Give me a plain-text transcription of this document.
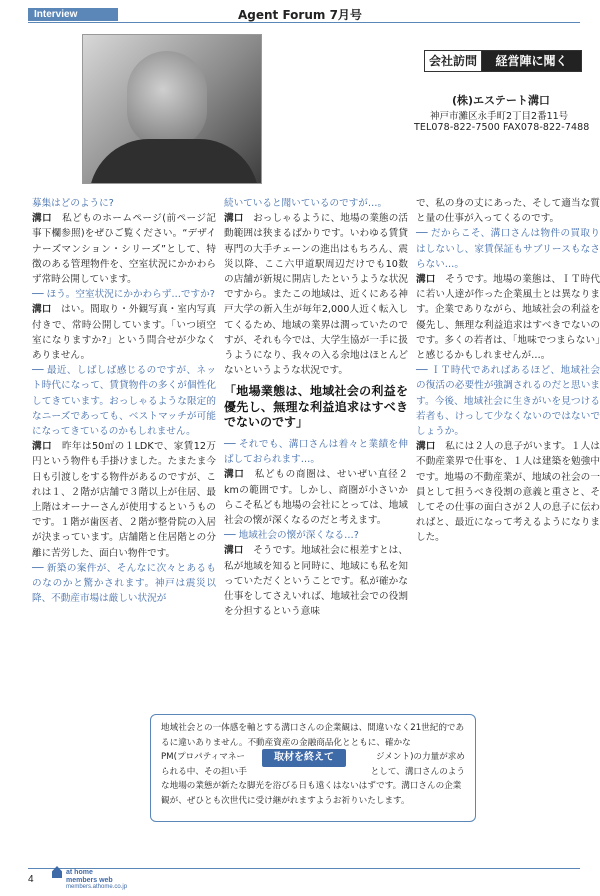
Interview	Agent Forum 7月号
会社訪問	経営陣に聞く
(株)エステート溝口
神戸市灘区永手町2丁目2番11号
TEL078-822-7500 FAX078-822-7488

募集はどのように?

溝口　私どものホームページ(前ページ記事下欄参照)をぜひご覧ください。“デザイナーズマンション・シリーズ”として、特徴のある管理物件を、空室状況にかかわらず常時公開しています。

── ほう。空室状況にかかわらず…ですか?

溝口　はい。間取り・外観写真・室内写真付きで、常時公開しています。「いつ頃空室になりますか?」という問合せが少なくありません。

── 最近、しばしば感じるのですが、ネット時代になって、賃貸物件の多くが個性化してきています。おっしゃるような限定的なニーズであっても、ベストマッチが可能になってきているのかもしれません。

溝口　昨年は50㎡の１LDKで、家賃12万円という物件も手掛けました。たまたま今日も引渡しをする物件があるのですが、これは１、２階が店舗で３階以上が住居、最上階はオーナーさんが使用するというものです。１階が歯医者、２階が整骨院の入居が決まっています。店舗階と住居階との分離に苦労した、面白い物件です。

── 新築の案件が、そんなに次々とあるものなのかと驚かされます。神戸は震災以降、不動産市場は厳しい状況が

続いていると聞いているのですが…。

溝口　おっしゃるように、地場の業態の活動範囲は狭まるばかりです。いわゆる賃貸専門の大手チェーンの進出はもちろん、震災以降、ここ六甲道駅周辺だけでも10数の店舗が新規に開店したというような状況ですから。またこの地域は、近くにある神戸大学の新入生が毎年2,000人近く転入してくるため、地域の業界は潤っていたのですが、それも今では、大学生協が一手に扱うようになり、我々の入る余地はほとんどないというような状況です。

「地場業態は、地域社会の利益を優先し、無理な利益追求はすべきでないのです」

── それでも、溝口さんは着々と業績を伸ばしておられます…。

溝口　私どもの商圏は、せいぜい直径２kmの範囲です。しかし、商圏が小さいからこそ私ども地場の会社にとっては、地域社会の懐が深くなるのだと考えます。

── 地域社会の懐が深くなる…?

溝口　そうです。地域社会に根差すとは、私が地域を知ると同時に、地域にも私を知っていただくということです。私が確かな仕事をしてさえいれば、地域社会での役割を分担するという意味

で、私の身の丈にあった、そして適当な質と量の仕事が入ってくるのです。

── だからこそ、溝口さんは物件の買取りはしないし、家賃保証もサブリースもなさらない…。

溝口　そうです。地場の業態は、ＩＴ時代に若い人達が作った企業風土とは異なります。企業でありながら、地域社会の利益を優先し、無理な利益追求はすべきでないのです。多くの若者は、「地味でつまらない」と感じるかもしれませんが…。

── ＩＴ時代であればあるほど、地域社会の復活の必要性が強調されるのだと思います。今後、地域社会に生きがいを見つける若者も、けっして少なくないのではないでしょうか。

溝口　私には２人の息子がいます。１人は不動産業界で仕事を、１人は建築を勉強中です。地場の不動産業が、地域の社会の一員として担うべき役割の意義と重さと、そしてその仕事の面白さが２人の息子に伝わればと、最近になって考えるようになりました。

地域社会との一体感を軸とする溝口さんの企業観は、間違いなく21世紀的であるに違いありません。不動産資産の金融商品化とともに、確かな
PM(プロパティマネー	ジメント)の力量が求め
られる中、その担い手	として、溝口さんのよう
な地場の業態が新たな脚光を浴びる日も遠くはないはずです。溝口さんの企業観が、ぜひとも次世代に受け継がれますようお祈りいたします。
取材を終えて
4
at home
members web
members.athome.co.jp
